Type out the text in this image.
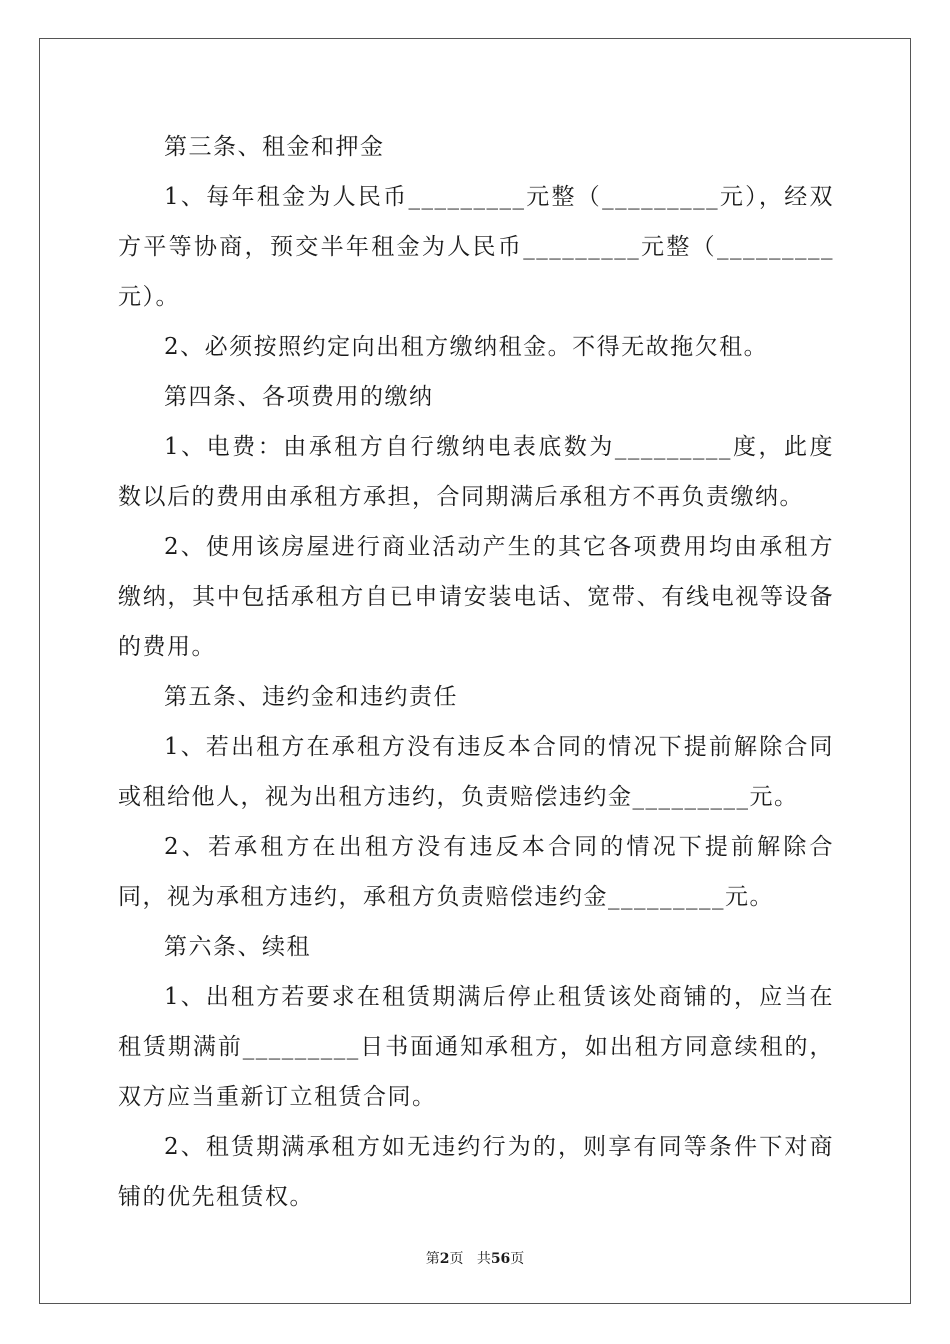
第三条、租金和押金

1、每年租金为人民币_________元整（_________元），经双方平等协商，预交半年租金为人民币_________元整（_________元）。

2、必须按照约定向出租方缴纳租金。不得无故拖欠租。

第四条、各项费用的缴纳

1、电费：由承租方自行缴纳电表底数为_________度，此度数以后的费用由承租方承担，合同期满后承租方不再负责缴纳。

2、使用该房屋进行商业活动产生的其它各项费用均由承租方缴纳，其中包括承租方自已申请安装电话、宽带、有线电视等设备的费用。

第五条、违约金和违约责任

1、若出租方在承租方没有违反本合同的情况下提前解除合同或租给他人，视为出租方违约，负责赔偿违约金_________元。

2、若承租方在出租方没有违反本合同的情况下提前解除合同，视为承租方违约，承租方负责赔偿违约金_________元。

第六条、续租

1、出租方若要求在租赁期满后停止租赁该处商铺的，应当在租赁期满前_________日书面通知承租方，如出租方同意续租的，双方应当重新订立租赁合同。

2、租赁期满承租方如无违约行为的，则享有同等条件下对商铺的优先租赁权。

第2页 共56页
